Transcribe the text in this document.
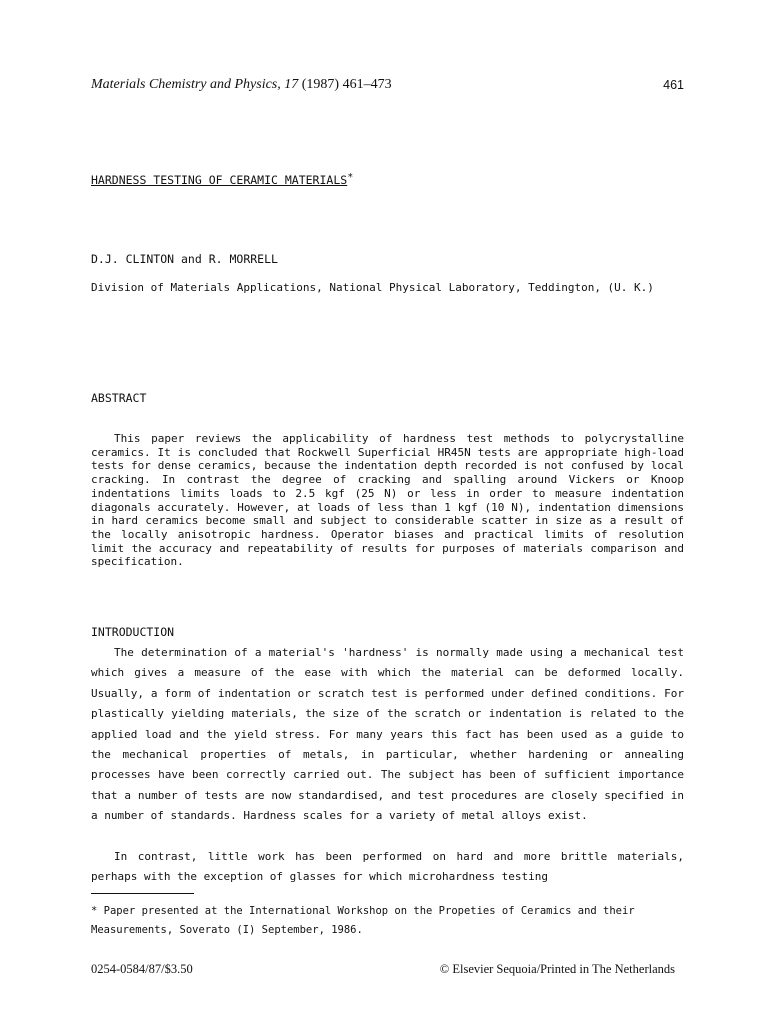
Materials Chemistry and Physics, 17 (1987) 461–473	461
HARDNESS TESTING OF CERAMIC MATERIALS*
D.J. CLINTON and R. MORRELL
Division of Materials Applications, National Physical Laboratory, Teddington, (U. K.)
ABSTRACT

This paper reviews the applicability of hardness test methods to polycrystalline ceramics. It is concluded that Rockwell Superficial HR45N tests are appropriate high-load tests for dense ceramics, because the indentation depth recorded is not confused by local cracking. In contrast the degree of cracking and spalling around Vickers or Knoop indentations limits loads to 2.5 kgf (25 N) or less in order to measure indentation diagonals accurately. However, at loads of less than 1 kgf (10 N), indentation dimensions in hard ceramics become small and subject to considerable scatter in size as a result of the locally anisotropic hardness. Operator biases and practical limits of resolution limit the accuracy and repeatability of results for purposes of materials comparison and specification.

INTRODUCTION

The determination of a material's 'hardness' is normally made using a mechanical test which gives a measure of the ease with which the material can be deformed locally. Usually, a form of indentation or scratch test is performed under defined conditions. For plastically yielding materials, the size of the scratch or indentation is related to the applied load and the yield stress. For many years this fact has been used as a guide to the mechanical properties of metals, in particular, whether hardening or annealing processes have been correctly carried out. The subject has been of sufficient importance that a number of tests are now standardised, and test procedures are closely specified in a number of standards. Hardness scales for a variety of metal alloys exist.

In contrast, little work has been performed on hard and more brittle materials, perhaps with the exception of glasses for which microhardness testing

* Paper presented at the International Workshop on the Propeties of Ceramics and their Measurements, Soverato (I) September, 1986.

0254-0584/87/$3.50	© Elsevier Sequoia/Printed in The Netherlands
